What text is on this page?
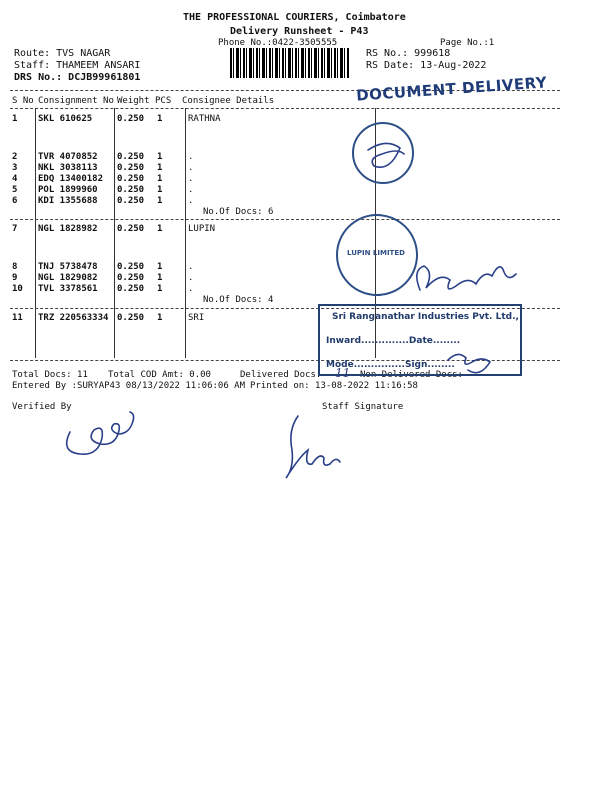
THE PROFESSIONAL COURIERS, Coimbatore
Delivery Runsheet - P43
Phone No.:0422-3505555	Page No.:1
Route: TVS NAGAR
Staff: THAMEEM ANSARI
DRS No.: DCJB99961801
RS No.: 999618
RS Date: 13-Aug-2022
S No Consignment No Weight PCS Consignee Details
1 SKL 610625	0.250 1	RATHNA
2 TVR 4070852 0.250 1	.
3 NKL 3038113 0.250 1	.
4 EDQ 13400182 0.250 1	.
5 POL 1899960 0.250 1	.
6 KDI 1355688 0.250 1	.
No.Of Docs: 6
7 NGL 1828982 0.250 1	LUPIN
8 TNJ 5738478 0.250 1	.
9 NGL 1829082 0.250 1	.
10 TVL 3378561 0.250 1	.
No.Of Docs: 4
11 TRZ 220563334 0.250 1	SRI
Total Docs: 11 Total COD Amt: 0.00	Delivered Docs: 11 Non-Delivered Docs:
Entered By :SURYAP43 08/13/2022 11:06:06 AM Printed on: 13-08-2022 11:16:58
Verified By	Staff Signature
DOCUMENT DELIVERY
LUPIN LIMITED
Sri Ranganathar Industries Pvt. Ltd.,
Inward..............Date........
Mode...............Sign........
